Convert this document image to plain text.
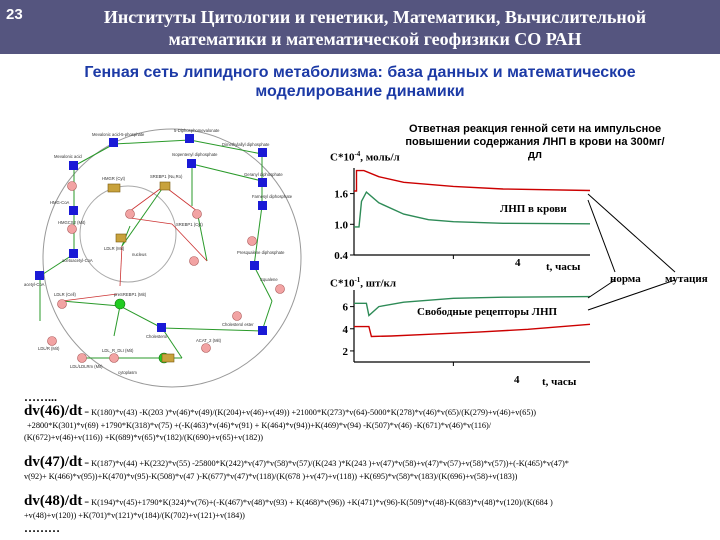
23	Институты Цитологии и генетики, Математики, Вычислительной
математики и математической геофизики СО РАН
Генная сеть липидного метаболизма: база данных и математическое
моделирование динамики
Mevalonic acid-5-phosphate
5-Diphosphomevalonate
Dimethylallyl diphosphate
Mevalonic acid	Isopentenyl diphosphate
Geranyl diphosphate
HMGR (Cyt)
HMG-CoA
HMGCS2 (Mit)
acetoacetyl-CoA
acetyl-CoA
SREBP1 (Nu,Ro)
SREBP1 (Cyt)
Farnesyl diphosphate
Presqualene diphosphate
Squalene
LDLR (Cell)
nucleus
LDLR (Mit)
preSREBP1 (Mit)
Cholesterol
Cholesterol ester
LDL_R_DLI (Mit)
ACAT_2 (Mit)
cytoplasm
LDL/R (Mit)
LDL/LDLRm (Mit)
Ответная реакция генной сети на импульсное повышении содержания ЛНП в крови на 300мг/дл
1.6
1.0
0.4
6
4
2
$С*10^{-4}$, моль/л
ЛНП в крови
4 t, часы
норма мутация
$С*10^{-1}$, шт/кл
Свободные рецепторы ЛНП
4 t, часы
……...
dv(46)/dt = K(180)*v(43) -K(203 )*v(46)*v(49)/(K(204)+v(46)+v(49)) +21000*K(273)*v(64)-5000*K(278)*v(46)*v(65)/(K(279)+v(46)+v(65))
+2800*K(301)*v(69) +1790*K(318)*v(75) +(-K(463)*v(46)*v(91) + K(464)*v(94))+K(469)*v(94) -K(507)*v(46) -K(671)*v(46)*v(116)/
(K(672)+v(46)+v(116)) +K(689)*v(65)*v(182)/(K(690)+v(65)+v(182))
dv(47)/dt = K(187)*v(44) +K(232)*v(55) -25800*K(242)*v(47)*v(58)*v(57)/(K(243 )*K(243 )+v(47)*v(58)+v(47)*v(57)+v(58)*v(57))+(-K(465)*v(47)*
v(92)+ K(466)*v(95))+K(470)*v(95)-K(508)*v(47 )-K(677)*v(47)*v(118)/(K(678 )+v(47)+v(118)) +K(695)*v(58)*v(183)/(K(696)+v(58)+v(183))
dv(48)/dt = K(194)*v(45)+1790*K(324)*v(76)+(-K(467)*v(48)*v(93) + K(468)*v(96)) +K(471)*v(96)-K(509)*v(48)-K(683)*v(48)*v(120)/(K(684 )
+v(48)+v(120)) +K(701)*v(121)*v(184)/(K(702)+v(121)+v(184))
………
